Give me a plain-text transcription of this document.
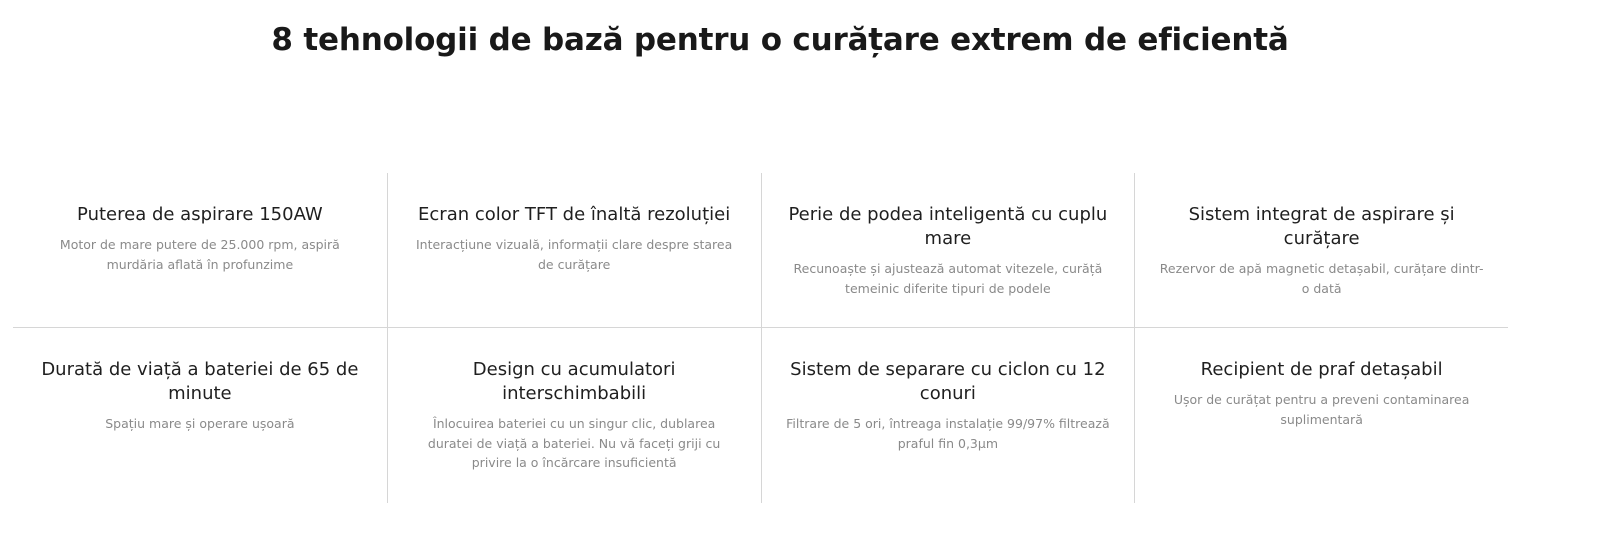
8 tehnologii de bază pentru o curățare extrem de eficientă
Puterea de aspirare 150AW

Motor de mare putere de 25.000 rpm, aspiră murdăria aflată în profunzime

Ecran color TFT de înaltă rezoluției

Interacțiune vizuală, informații clare despre starea de curățare

Perie de podea inteligentă cu cuplu mare

Recunoaște și ajustează automat vitezele, curăță temeinic diferite tipuri de podele

Sistem integrat de aspirare și curățare

Rezervor de apă magnetic detașabil, curățare dintr-o dată

Durată de viață a bateriei de 65 de minute

Spațiu mare și operare ușoară

Design cu acumulatori interschimbabili

Înlocuirea bateriei cu un singur clic, dublarea duratei de viață a bateriei. Nu vă faceți griji cu privire la o încărcare insuficientă

Sistem de separare cu ciclon cu 12 conuri

Filtrare de 5 ori, întreaga instalație 99/97% filtrează praful fin 0,3μm

Recipient de praf detașabil

Ușor de curățat pentru a preveni contaminarea suplimentară
